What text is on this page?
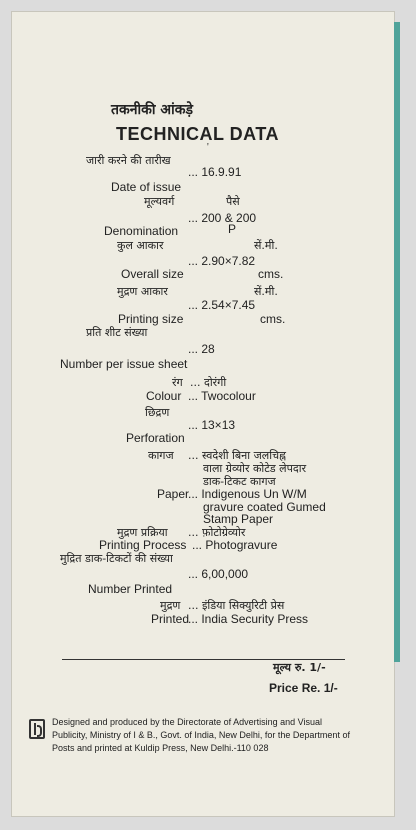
तकनीकी आंकड़े
TECHNICAL DATA
'
जारी करने की तारीख
... 16.9.91
Date of issue
मूल्यवर्ग	पैसे
... 200 & 200
Denomination	P
कुल आकार	सें.मी.
... 2.90×7.82
Overall size	cms.
मुद्रण आकार	सें.मी.
... 2.54×7.45
Printing size	cms.
प्रति शीट संख्या
... 28
Number per issue sheet
रंग ... दोरंगी
Colour ... Twocolour
छिद्रण
... 13×13
Perforation
कागज ... स्वदेशी बिना जलचिह्न
वाला ग्रेव्योर कोटेड लेपदार
डाक-टिकट कागज
Paper
... Indigenous Un W/M
gravure coated Gumed
Stamp Paper
मुद्रण प्रक्रिया ... फ़ोटोग्रेव्योर
Printing Process ... Photogravure
मुद्रित डाक-टिकटों की संख्या
... 6,00,000
Number Printed
मुद्रण ... इंडिया सिक्युरिटी प्रेस
Printed
... India Security Press
मूल्य रु. 1/-
Price Re. 1/-
Designed and produced by the Directorate of Advertising and Visual Publicity, Ministry of I & B., Govt. of India, New Delhi, for the Department of Posts and printed at Kuldip Press, New Delhi.-110 028
